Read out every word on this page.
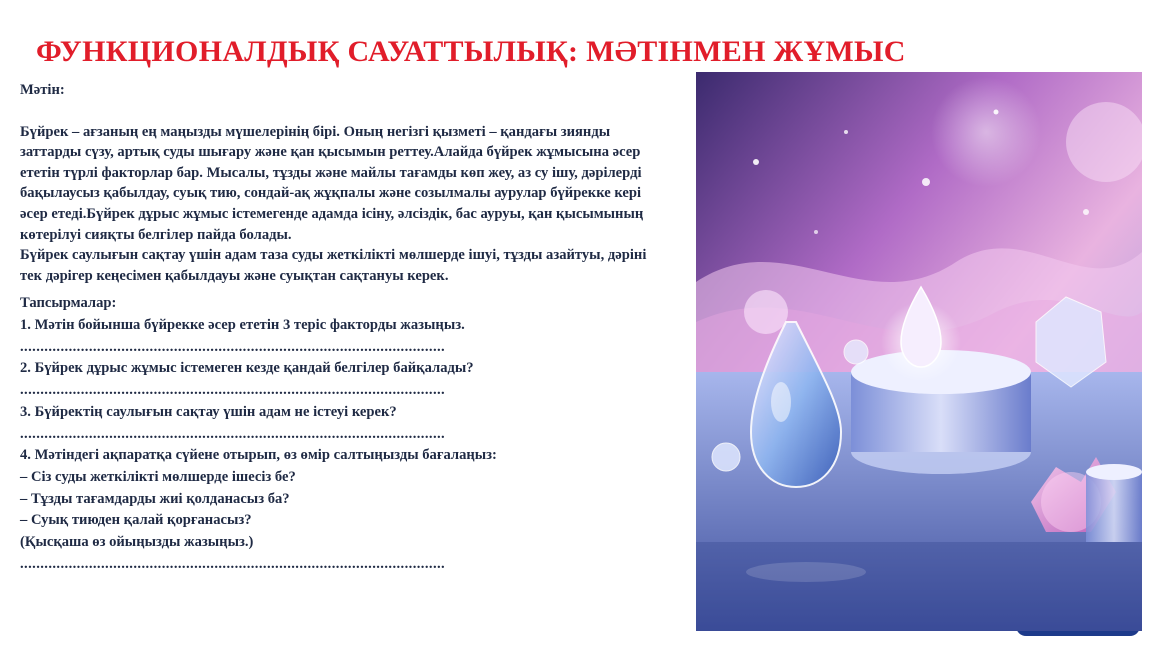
ФУНКЦИОНАЛДЫҚ САУАТТЫЛЫҚ: МӘТІНМЕН ЖҰМЫС

Мәтін:

Бүйрек – ағзаның ең маңызды мүшелерінің бірі. Оның негізгі қызметі – қандағы зиянды заттарды сүзу, артық суды шығару және қан қысымын реттеу.Алайда бүйрек жұмысына әсер ететін түрлі факторлар бар. Мысалы, тұзды және майлы тағамды көп жеу, аз су ішу, дәрілерді бақылаусыз қабылдау, суық тию, сондай-ақ жұқпалы және созылмалы аурулар бүйрекке кері әсер етеді.Бүйрек дұрыс жұмыс істемегенде адамда ісіну, әлсіздік, бас ауруы, қан қысымының көтерілуі сияқты белгілер пайда болады.

Бүйрек саулығын сақтау үшін адам таза суды жеткілікті мөлшерде ішуі, тұзды азайтуы, дәріні тек дәрігер кеңесімен қабылдауы және суықтан сақтануы керек.

Тапсырмалар:

1. Мәтін бойынша бүйрекке әсер ететін 3 теріс факторды жазыңыз.

.........................................................................................................

2. Бүйрек дұрыс жұмыс істемеген кезде қандай белгілер байқалады?

.........................................................................................................

3. Бүйректің саулығын сақтау үшін адам не істеуі керек?

.........................................................................................................

4. Мәтіндегі ақпаратқа сүйене отырып, өз өмір салтыңызды бағалаңыз:

– Сіз суды жеткілікті мөлшерде ішесіз бе?

– Тұзды тағамдарды жиі қолданасыз ба?

– Суық тиюден қалай қорғанасыз?

(Қысқаша өз ойыңызды жазыңыз.)

.........................................................................................................
